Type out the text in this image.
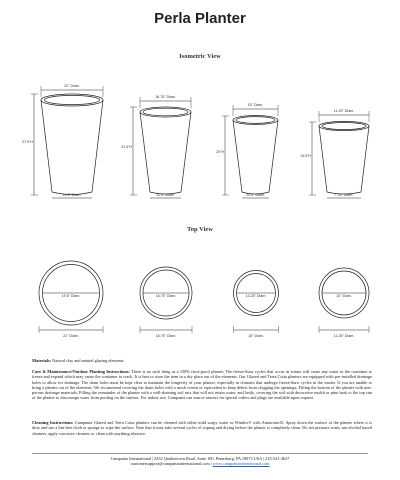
Perla Planter
Isometric View
Top View
22" Diam.
27.5"H
14.5" Diam.
18.75" Diam.
23.5"H
12.5" Diam.
15" Diam.
20"H
10.5" Diam.
11.25" Diam.
14.5"H
7.25" Diam.
19.5" Diam.
22" Diam.
16.75" Diam.
18.75" Diam.
13.25" Diam.
15" Diam.
10" Diam.
11.25" Diam.
Materials: Natural clay and natural glazing elements
Care & Maintenance/Outdoor Planting Instructions: There is no such thing as a 100% frost-proof planter. The freeze-thaw cycles that occur in winter will cause any water in the container to freeze and expand which may cause the container to crack. It is best to store the item in a dry place out of the elements. Our Glazed and Terra Cotta planters are equipped with pre-installed drainage holes to allow for drainage. The drain holes must be kept clear to maintain the longevity of your planter, especially in climates that undergo freeze-thaw cycles in the winter. If you are unable to bring a planter out of the elements: We recommend covering the drain holes with a mesh screen or equivalent to keep debris from clogging the openings; Filling the bottom of the planter with non-porous drainage materials; Filling the remainder of the planter with a well-draining soil mix that will not retain water, and lastly, covering the soil with decorative mulch or pine bark to the top rim of the planter to discourage water from pooling on the surface. For indoor use, Campania can source saucers for special orders and plugs are available upon request.
Cleaning Instructions: Campania Glazed and Terra Cotta planters can be cleaned with either mild soapy water or Windex® with Ammonia-D. Spray down the surface of the planter where it is dirty and use a lint-free cloth or sponge to wipe the surface. Note that it may take several cycles of wiping and drying before the planter is completely clean. Do not pressure wash, use alcohol based cleaners, apply corrosive cleaners or clean with anything abrasive.
Campania International | 2452 Quakertown Road, Suite 100, Pennsburg, PA 18073 USA | 215-541-4627
customersupport@campaniainternational.com | www.campaniainternational.com
